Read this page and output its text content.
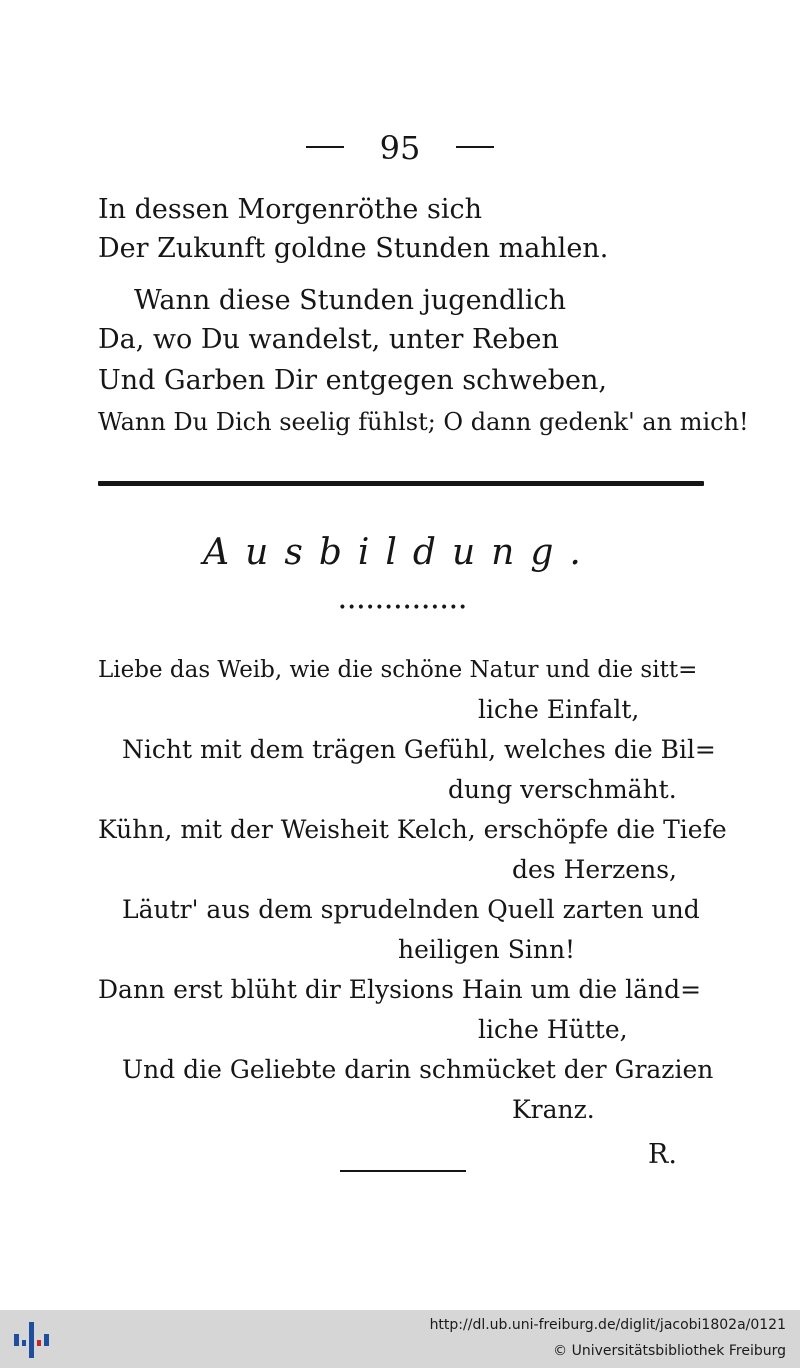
95
In dessen Morgenröthe sich
Der Zukunft goldne Stunden mahlen.
Wann diese Stunden jugendlich
Da, wo Du wandelst, unter Reben
Und Garben Dir entgegen schweben,
Wann Du Dich seelig fühlst; O dann gedenk' an mich!
Ausbildung.
••••••••••••••
Liebe das Weib, wie die schöne Natur und die sitt=
liche Einfalt,
Nicht mit dem trägen Gefühl, welches die Bil=
dung verschmäht.
Kühn, mit der Weisheit Kelch, erschöpfe die Tiefe
des Herzens,
Läutr' aus dem sprudelnden Quell zarten und
heiligen Sinn!
Dann erst blüht dir Elysions Hain um die länd=
liche Hütte,
Und die Geliebte darin schmücket der Grazien
Kranz.
R.
http://dl.ub.uni-freiburg.de/diglit/jacobi1802a/0121
© Universitätsbibliothek Freiburg
